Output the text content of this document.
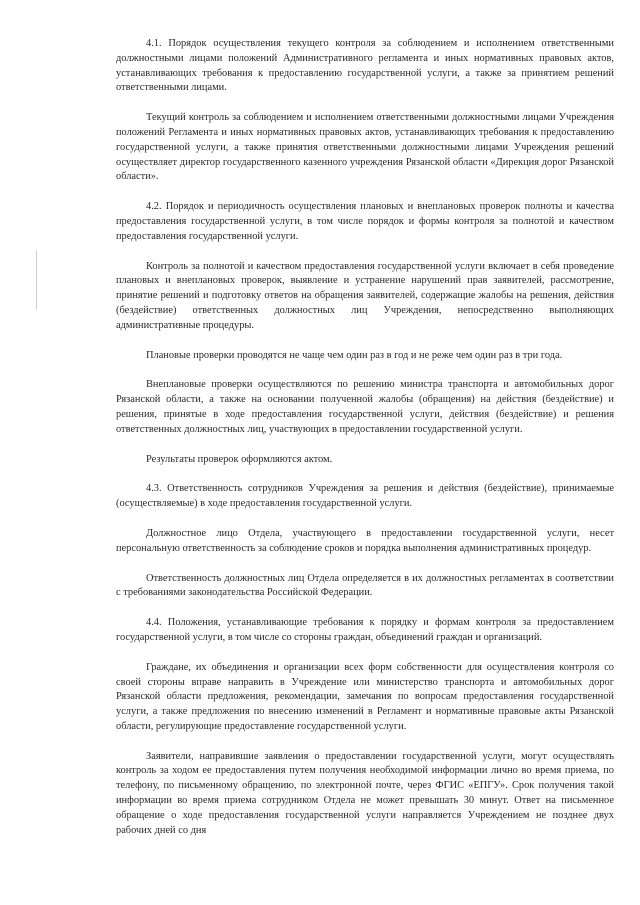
4.1. Порядок осуществления текущего контроля за соблюдением и исполнением ответственными должностными лицами положений Административного регламента и иных нормативных правовых актов, устанавливающих требования к предоставлению государственной услуги, а также за принятием решений ответственными лицами.

Текущий контроль за соблюдением и исполнением ответственными должностными лицами Учреждения положений Регламента и иных нормативных правовых актов, устанавливающих требования к предоставлению государственной услуги, а также принятия ответственными должностными лицами Учреждения решений осуществляет директор государственного казенного учреждения Рязанской области «Дирекция дорог Рязанской области».

4.2. Порядок и периодичность осуществления плановых и внеплановых проверок полноты и качества предоставления государственной услуги, в том числе порядок и формы контроля за полнотой и качеством предоставления государственной услуги.

Контроль за полнотой и качеством предоставления государственной услуги включает в себя проведение плановых и внеплановых проверок, выявление и устранение нарушений прав заявителей, рассмотрение, принятие решений и подготовку ответов на обращения заявителей, содержащие жалобы на решения, действия (бездействие) ответственных должностных лиц Учреждения, непосредственно выполняющих административные процедуры.

Плановые проверки проводятся не чаще чем один раз в год и не реже чем один раз в три года.

Внеплановые проверки осуществляются по решению министра транспорта и автомобильных дорог Рязанской области, а также на основании полученной жалобы (обращения) на действия (бездействие) и решения, принятые в ходе предоставления государственной услуги, действия (бездействие) и решения ответственных должностных лиц, участвующих в предоставлении государственной услуги.

Результаты проверок оформляются актом.

4.3. Ответственность сотрудников Учреждения за решения и действия (бездействие), принимаемые (осуществляемые) в ходе предоставления государственной услуги.

Должностное лицо Отдела, участвующего в предоставлении государственной услуги, несет персональную ответственность за соблюдение сроков и порядка выполнения административных процедур.

Ответственность должностных лиц Отдела определяется в их должностных регламентах в соответствии с требованиями законодательства Российской Федерации.

4.4. Положения, устанавливающие требования к порядку и формам контроля за предоставлением государственной услуги, в том числе со стороны граждан, объединений граждан и организаций.

Граждане, их объединения и организации всех форм собственности для осуществления контроля со своей стороны вправе направить в Учреждение или министерство транспорта и автомобильных дорог Рязанской области предложения, рекомендации, замечания по вопросам предоставления государственной услуги, а также предложения по внесению изменений в Регламент и нормативные правовые акты Рязанской области, регулирующие предоставление государственной услуги.

Заявители, направившие заявления о предоставлении государственной услуги, могут осуществлять контроль за ходом ее предоставления путем получения необходимой информации лично во время приема, по телефону, по письменному обращению, по электронной почте, через ФГИС «ЕПГУ». Срок получения такой информации во время приема сотрудником Отдела не может превышать 30 минут. Ответ на письменное обращение о ходе предоставления государственной услуги направляется Учреждением не позднее двух рабочих дней со дня
